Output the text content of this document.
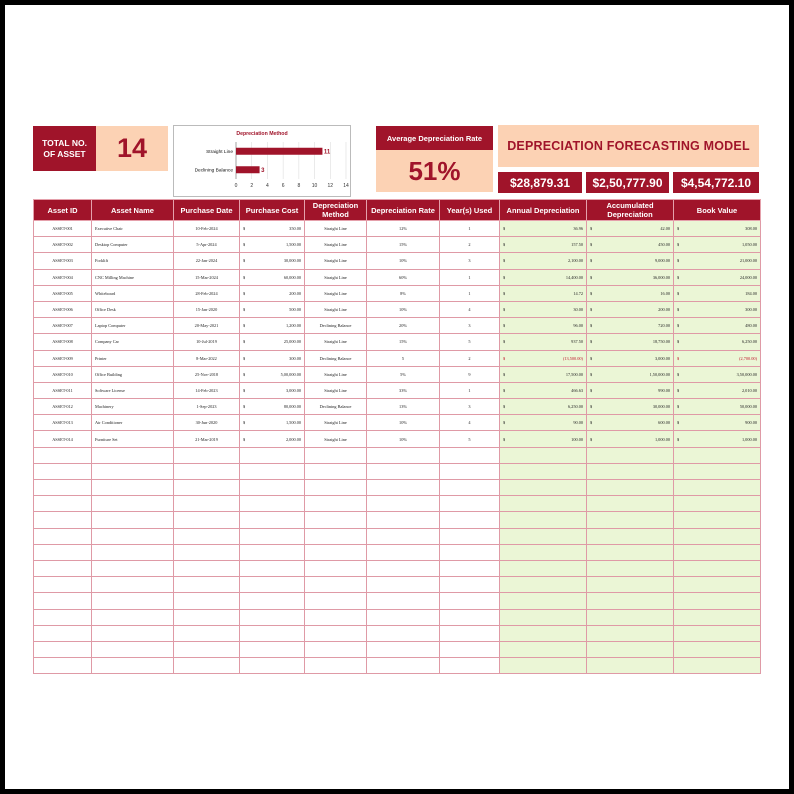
TOTAL NO.
OF ASSET	14	Depreciation Method
Straight Line	11
Declining Balance	3
0	2	4	6	8 10 12 14
Average Depreciation Rate
51%
DEPRECIATION FORECASTING MODEL
$28,879.31	$2,50,777.90	$4,54,772.10
Asset ID	Asset Name	Purchase Date	Purchase Cost	Depreciation Method	Depreciation Rate	Year(s) Used	Annual Depreciation	Accumulated Depreciation	Book Value
ASSET-001	Executive Chair	10-Feb-2024	$ 350.00	Straight Line	12%	1	$ 36.96	$ 42.00	$ 308.00

ASSET-002	Desktop Computer	5-Apr-2024	$ 1,500.00	Straight Line	15%	2	$ 157.50	$ 450.00	$ 1,050.00

ASSET-003	Forklift	22-Jan-2024	$ 30,000.00	Straight Line	10%	3	$ 2,100.00	$ 9,000.00	$ 21,000.00

ASSET-004	CNC Milling Machine	15-Mar-2024	$ 60,000.00	Straight Line	60%	1	$ 14,400.00	$ 36,000.00	$ 24,000.00

ASSET-005	Whiteboard	28-Feb-2024	$ 200.00	Straight Line	8%	1	$ 14.72	$ 16.00	$ 184.00

ASSET-006	Office Desk	15-Jan-2020	$ 500.00	Straight Line	10%	4	$ 30.00	$ 200.00	$ 300.00

ASSET-007	Laptop Computer	20-May-2021	$ 1,200.00	Declining Balance	20%	3	$ 96.00	$ 720.00	$ 480.00

ASSET-008	Company Car	10-Jul-2019	$ 25,000.00	Straight Line	15%	5	$ 937.50	$ 18,750.00	$ 6,250.00

ASSET-009	Printer	8-Mar-2022	$ 300.00	Declining Balance	5	2	$ (13,500.00)	$ 3,000.00	$ (2,700.00)

ASSET-010	Office Building	25-Nov-2018	$ 5,00,000.00	Straight Line	5%	9	$ 17,500.00	$ 1,50,000.00	$ 3,50,000.00

ASSET-011	Software License	14-Feb-2023	$ 3,000.00	Straight Line	33%	1	$ 466.63	$ 990.00	$ 2,010.00

ASSET-012	Machinery	1-Sep-2023	$ 80,000.00	Declining Balance	13%	3	$ 6,250.00	$ 30,000.00	$ 50,000.00

ASSET-013	Air Conditioner	30-Jun-2020	$ 1,500.00	Straight Line	10%	4	$ 90.00	$ 600.00	$ 900.00

ASSET-014	Furniture Set	21-Mar-2019	$ 2,000.00	Straight Line	10%	5	$ 100.00	$ 1,000.00	$ 1,000.00
